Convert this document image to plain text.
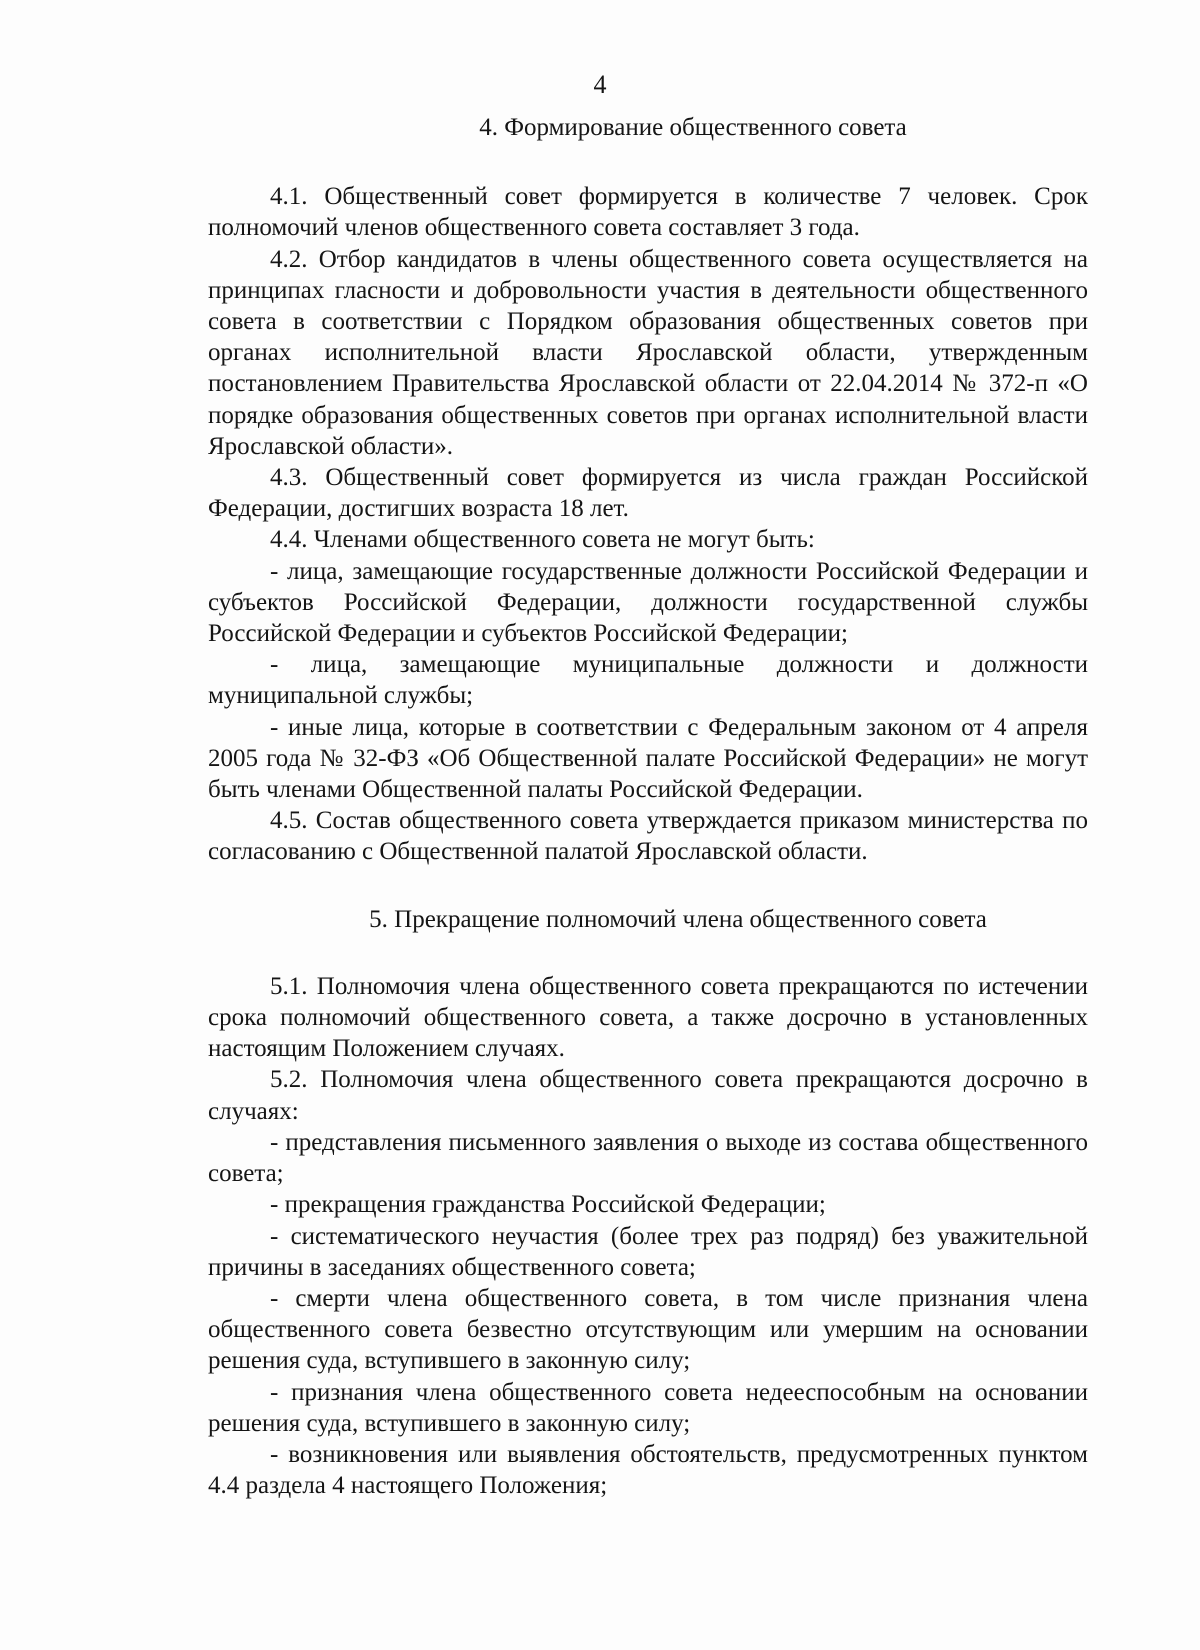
4
4. Формирование общественного совета

4.1. Общественный совет формируется в количестве 7 человек. Срок полномочий членов общественного совета составляет 3 года.

4.2. Отбор кандидатов в члены общественного совета осуществляется на принципах гласности и добровольности участия в деятельности общественного совета в соответствии с Порядком образования общественных советов при органах исполнительной власти Ярославской области, утвержденным постановлением Правительства Ярославской области от 22.04.2014 № 372-п «О порядке образования общественных советов при органах исполнительной власти Ярославской области».

4.3. Общественный совет формируется из числа граждан Российской Федерации, достигших возраста 18 лет.

4.4. Членами общественного совета не могут быть:

- лица, замещающие государственные должности Российской Федерации и субъектов Российской Федерации, должности государственной службы Российской Федерации и субъектов Российской Федерации;

- лица, замещающие муниципальные должности и должности муниципальной службы;

- иные лица, которые в соответствии с Федеральным законом от 4 апреля 2005 года № 32-ФЗ «Об Общественной палате Российской Федерации» не могут быть членами Общественной палаты Российской Федерации.

4.5. Состав общественного совета утверждается приказом министерства по согласованию с Общественной палатой Ярославской области.

5. Прекращение полномочий члена общественного совета

5.1. Полномочия члена общественного совета прекращаются по истечении срока полномочий общественного совета, а также досрочно в установленных настоящим Положением случаях.

5.2. Полномочия члена общественного совета прекращаются досрочно в случаях:

- представления письменного заявления о выходе из состава общественного совета;

- прекращения гражданства Российской Федерации;

- систематического неучастия (более трех раз подряд) без уважительной причины в заседаниях общественного совета;

- смерти члена общественного совета, в том числе признания члена общественного совета безвестно отсутствующим или умершим на основании решения суда, вступившего в законную силу;

- признания члена общественного совета недееспособным на основании решения суда, вступившего в законную силу;

- возникновения или выявления обстоятельств, предусмотренных пунктом 4.4 раздела 4 настоящего Положения;
